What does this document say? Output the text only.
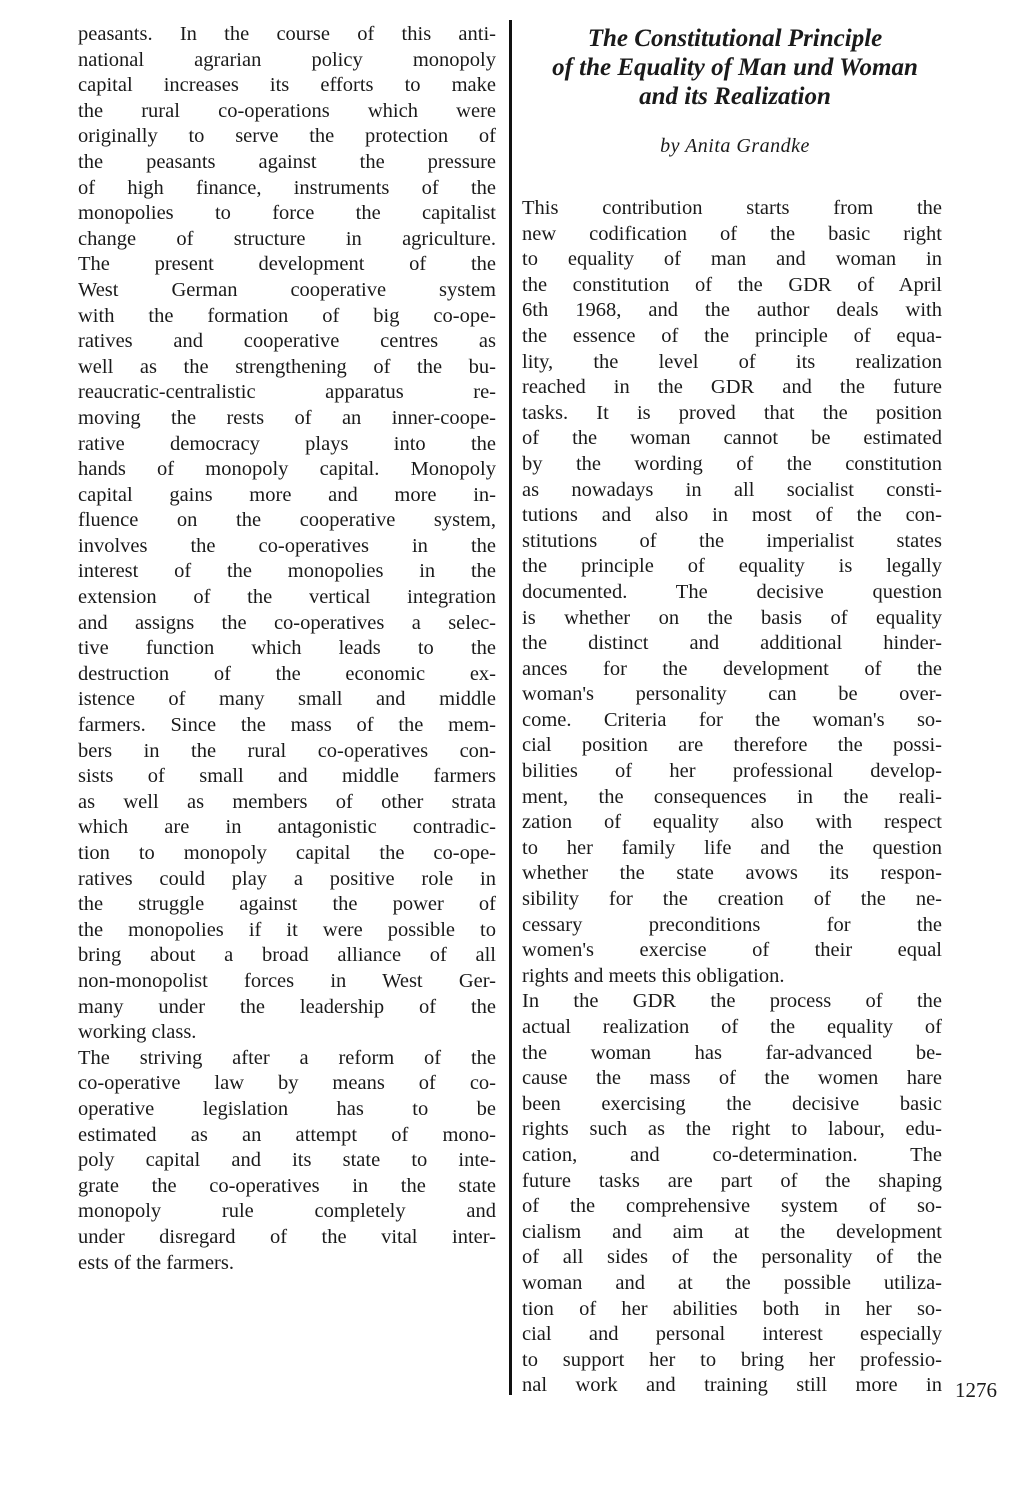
peasants. In the course of this anti-
national agrarian policy monopoly
capital increases its efforts to make
the rural co-operations which were
originally to serve the protection of
the peasants against the pressure
of high finance, instruments of the
monopolies to force the capitalist
change of structure in agriculture.
The present development of the
West German cooperative system
with the formation of big co-ope-
ratives and cooperative centres as
well as the strengthening of the bu-
reaucratic-centralistic apparatus re-
moving the rests of an inner-coope-
rative democracy plays into the
hands of monopoly capital. Monopoly
capital gains more and more in-
fluence on the cooperative system,
involves the co-operatives in the
interest of the monopolies in the
extension of the vertical integration
and assigns the co-operatives a selec-
tive function which leads to the
destruction of the economic ex-
istence of many small and middle
farmers. Since the mass of the mem-
bers in the rural co-operatives con-
sists of small and middle farmers
as well as members of other strata
which are in antagonistic contradic-
tion to monopoly capital the co-ope-
ratives could play a positive role in
the struggle against the power of
the monopolies if it were possible to
bring about a broad alliance of all
non-monopolist forces in West Ger-
many under the leadership of the
working class.
The striving after a reform of the
co-operative law by means of co-
operative legislation has to be
estimated as an attempt of mono-
poly capital and its state to inte-
grate the co-operatives in the state
monopoly rule completely and
under disregard of the vital inter-
ests of the farmers.
The Constitutional Principle
of the Equality of Man und Woman
and its Realization
by Anita Grandke
This contribution starts from the
new codification of the basic right
to equality of man and woman in
the constitution of the GDR of April
6th 1968, and the author deals with
the essence of the principle of equa-
lity, the level of its realization
reached in the GDR and the future
tasks. It is proved that the position
of the woman cannot be estimated
by the wording of the constitution
as nowadays in all socialist consti-
tutions and also in most of the con-
stitutions of the imperialist states
the principle of equality is legally
documented. The decisive question
is whether on the basis of equality
the distinct and additional hinder-
ances for the development of the
woman's personality can be over-
come. Criteria for the woman's so-
cial position are therefore the possi-
bilities of her professional develop-
ment, the consequences in the reali-
zation of equality also with respect
to her family life and the question
whether the state avows its respon-
sibility for the creation of the ne-
cessary preconditions for the
women's exercise of their equal
rights and meets this obligation.
In the GDR the process of the
actual realization of the equality of
the woman has far-advanced be-
cause the mass of the women hare
been exercising the decisive basic
rights such as the right to labour, edu-
cation, and co-determination. The
future tasks are part of the shaping
of the comprehensive system of so-
cialism and aim at the development
of all sides of the personality of the
woman and at the possible utiliza-
tion of her abilities both in her so-
cial and personal interest especially
to support her to bring her professio-
nal work and training still more in 1276
